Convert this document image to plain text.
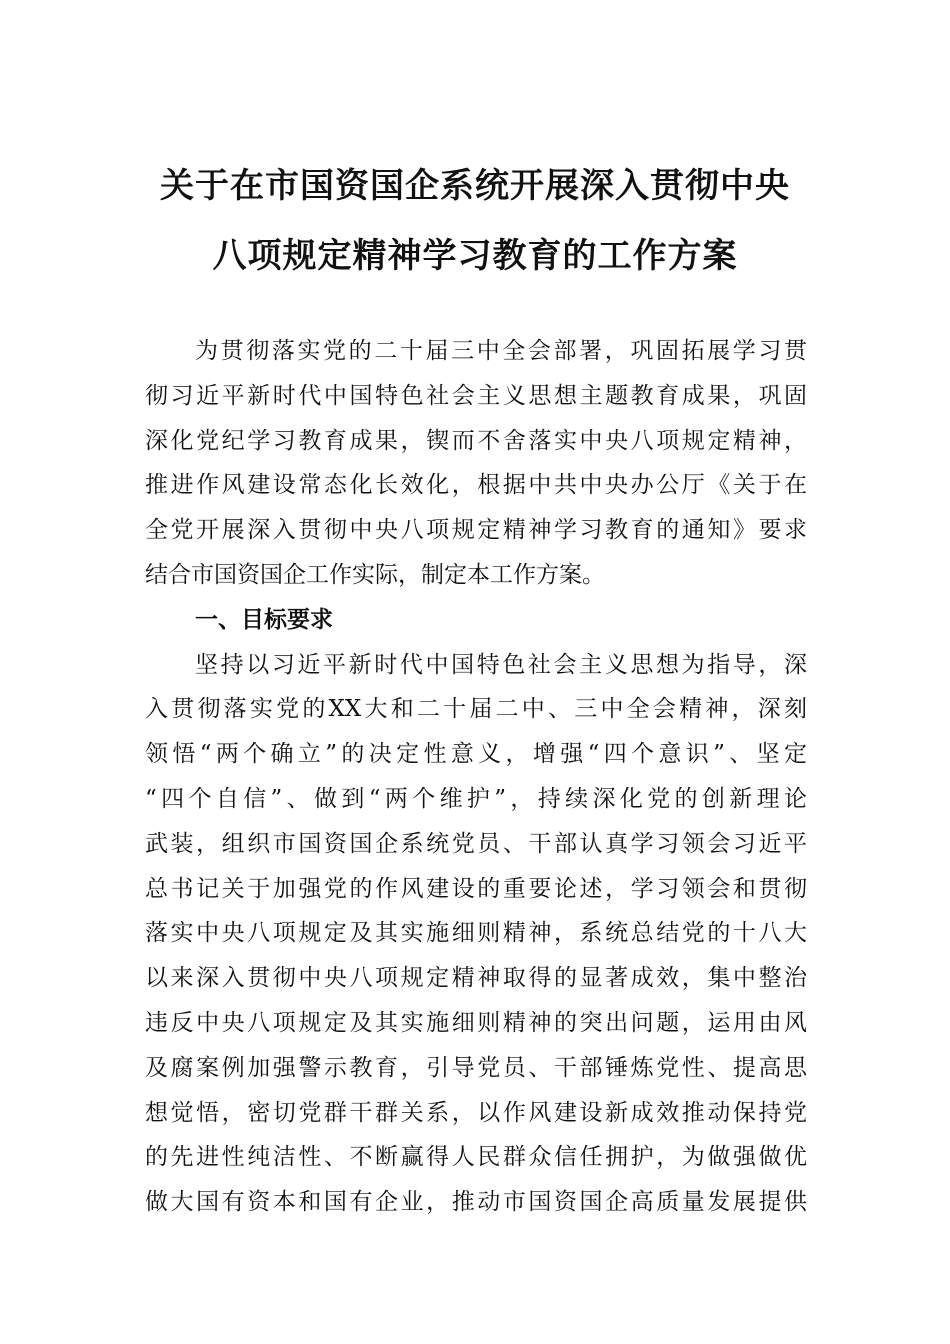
关于在市国资国企系统开展深入贯彻中央
八项规定精神学习教育的工作方案
为贯彻落实党的二十届三中全会部署，巩固拓展学习贯
彻习近平新时代中国特色社会主义思想主题教育成果，巩固
深化党纪学习教育成果，锲而不舍落实中央八项规定精神，
推进作风建设常态化长效化，根据中共中央办公厅《关于在
全党开展深入贯彻中央八项规定精神学习教育的通知》要求
结合市国资国企工作实际，制定本工作方案。
一、目标要求
坚持以习近平新时代中国特色社会主义思想为指导，深
入贯彻落实党的XX大和二十届二中、三中全会精神，深刻
领悟“两个确立”的决定性意义，增强“四个意识”、坚定
“四个自信”、做到“两个维护”，持续深化党的创新理论
武装，组织市国资国企系统党员、干部认真学习领会习近平
总书记关于加强党的作风建设的重要论述，学习领会和贯彻
落实中央八项规定及其实施细则精神，系统总结党的十八大
以来深入贯彻中央八项规定精神取得的显著成效，集中整治
违反中央八项规定及其实施细则精神的突出问题，运用由风
及腐案例加强警示教育，引导党员、干部锤炼党性、提高思
想觉悟，密切党群干群关系，以作风建设新成效推动保持党
的先进性纯洁性、不断赢得人民群众信任拥护，为做强做优
做大国有资本和国有企业，推动市国资国企高质量发展提供
